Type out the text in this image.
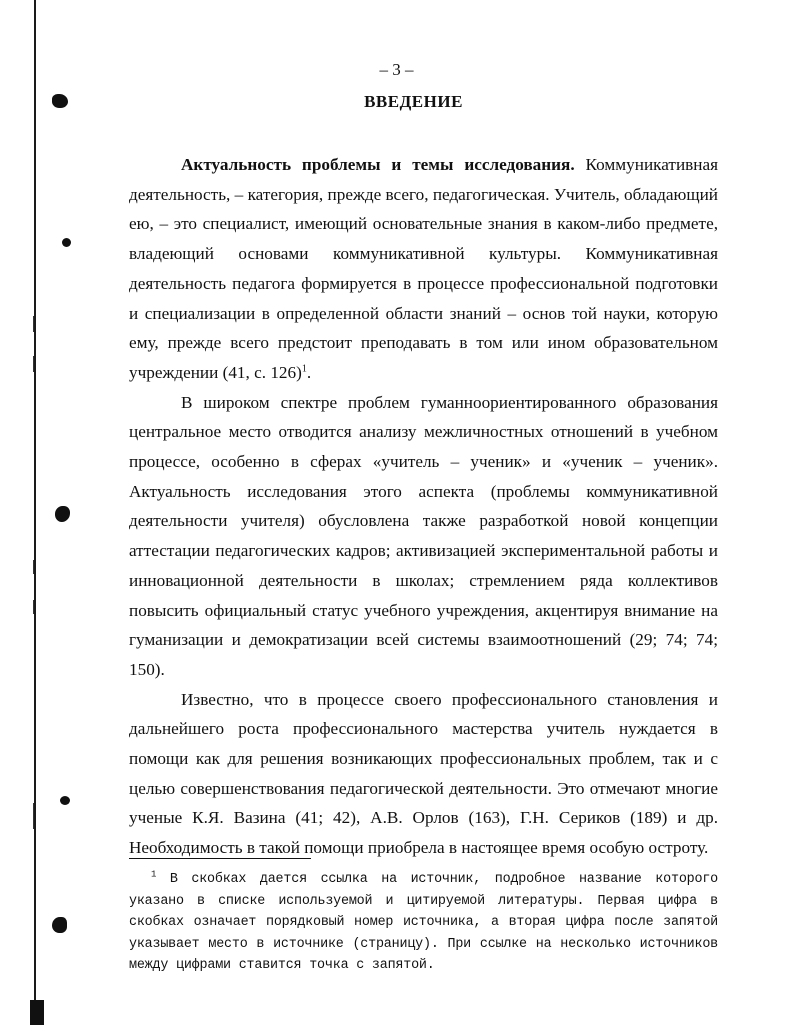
– 3 –
ВВЕДЕНИЕ

Актуальность проблемы и темы исследования. Коммуникативная деятельность, – категория, прежде всего, педагогическая. Учитель, обладающий ею, – это специалист, имеющий основательные знания в каком-либо предмете, владеющий основами коммуникативной культуры. Коммуникативная деятельность педагога формируется в процессе профессиональной подготовки и специализации в определенной области знаний – основ той науки, которую ему, прежде всего предстоит преподавать в том или ином образовательном учреждении (41, с. 126)$^1$.

В широком спектре проблем гуманноориентированного образования центральное место отводится анализу межличностных отношений в учебном процессе, особенно в сферах «учитель – ученик» и «ученик – ученик». Актуальность исследования этого аспекта (проблемы коммуникативной деятельности учителя) обусловлена также разработкой новой концепции аттестации педагогических кадров; активизацией экспериментальной работы и инновационной деятельности в школах; стремлением ряда коллективов повысить официальный статус учебного учреждения, акцентируя внимание на гуманизации и демократизации всей системы взаимоотношений (29; 74; 74; 150).

Известно, что в процессе своего профессионального становления и дальнейшего роста профессионального мастерства учитель нуждается в помощи как для решения возникающих профессиональных проблем, так и с целью совершенствования педагогической деятельности. Это отмечают многие ученые К.Я. Вазина (41; 42), А.В. Орлов (163), Г.Н. Сериков (189) и др. Необходимость в такой помощи приобрела в настоящее время особую остроту.

$^1$ В скобках дается ссылка на источник, подробное название которого указано в списке используемой и цитируемой литературы. Первая цифра в скобках означает порядковый номер источника, а вторая цифра после запятой указывает место в источнике (страницу). При ссылке на несколько источников между цифрами ставится точка с запятой.
